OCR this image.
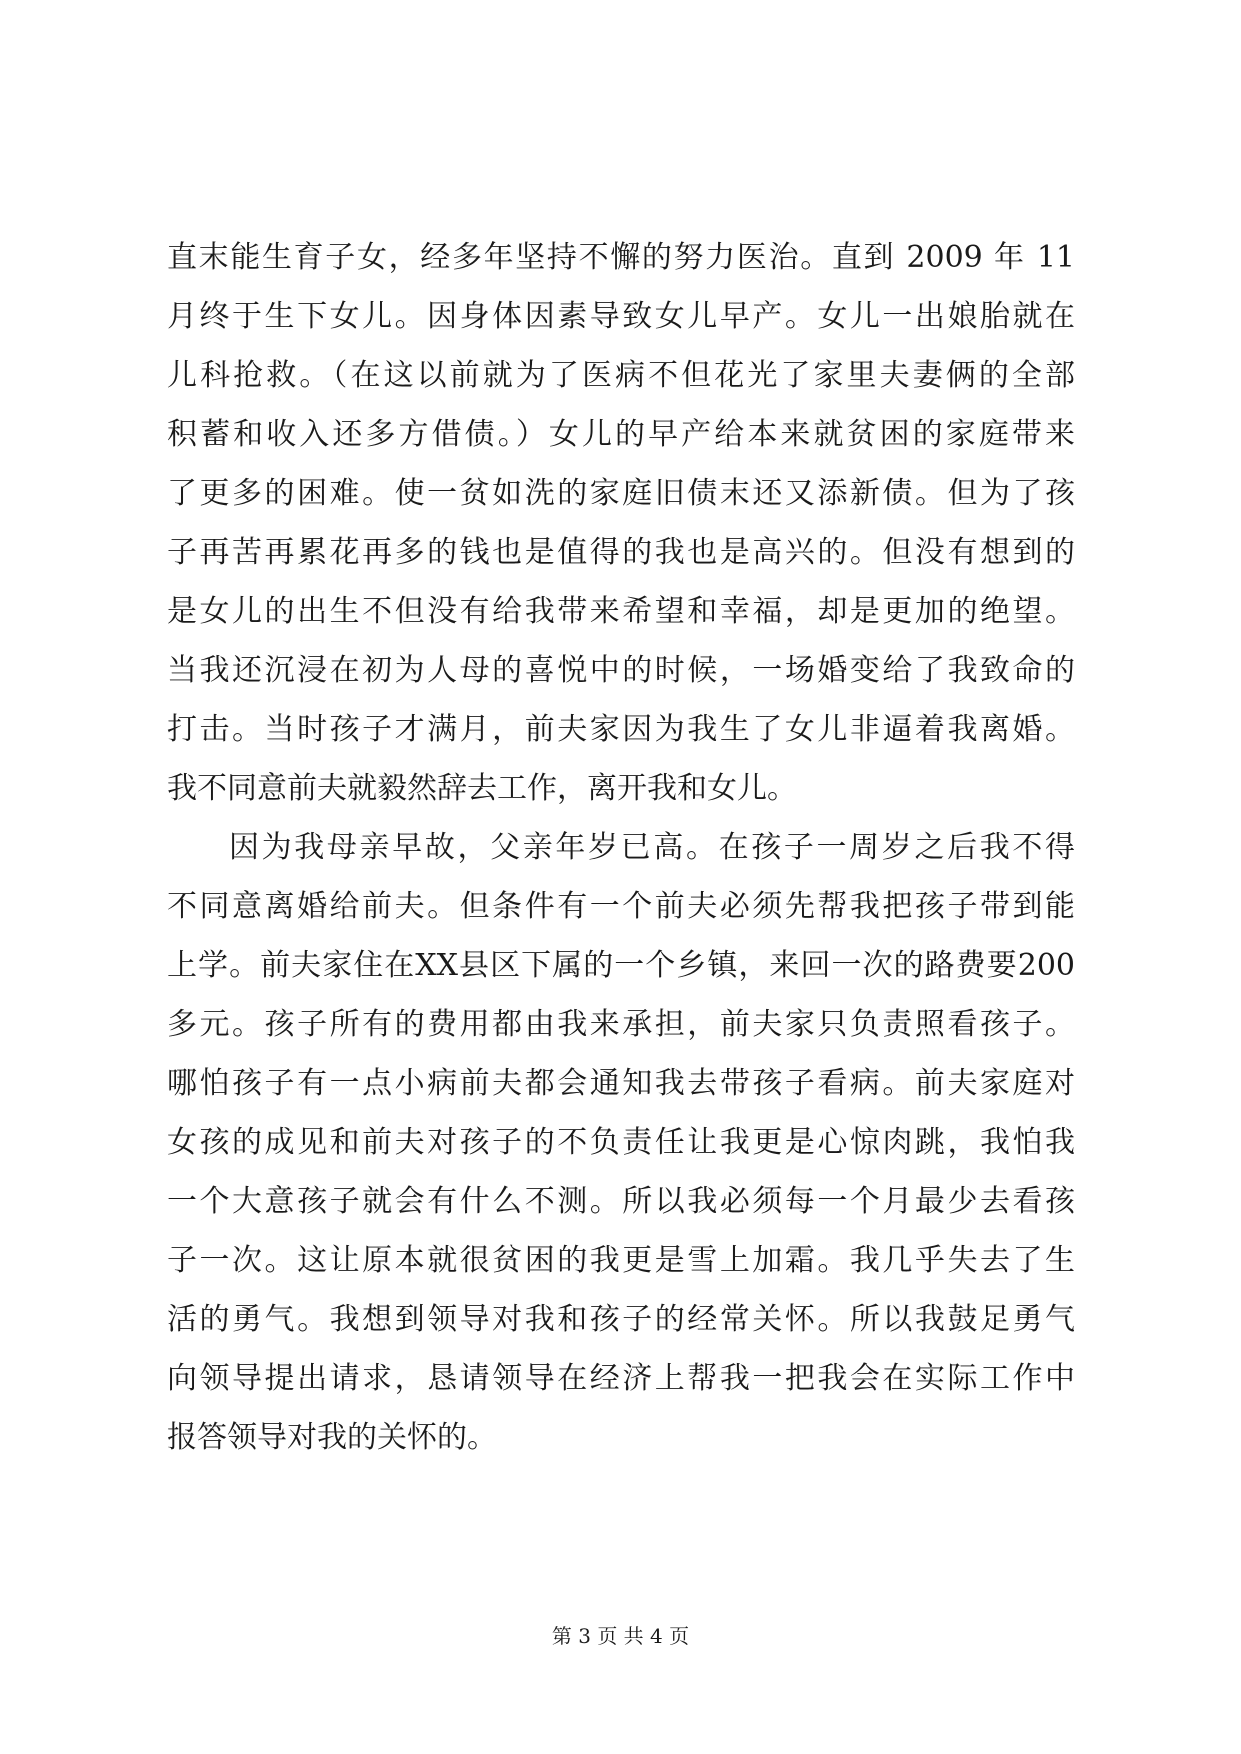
直末能生育子女，经多年坚持不懈的努力医治。直到 2009 年 11
月终于生下女儿。因身体因素导致女儿早产。女儿一出娘胎就在
儿科抢救。（在这以前就为了医病不但花光了家里夫妻俩的全部
积蓄和收入还多方借债。）女儿的早产给本来就贫困的家庭带来
了更多的困难。使一贫如洗的家庭旧债末还又添新债。但为了孩
子再苦再累花再多的钱也是值得的我也是高兴的。但没有想到的
是女儿的出生不但没有给我带来希望和幸福，却是更加的绝望。
当我还沉浸在初为人母的喜悦中的时候，一场婚变给了我致命的
打击。当时孩子才满月，前夫家因为我生了女儿非逼着我离婚。
我不同意前夫就毅然辞去工作，离开我和女儿。
因为我母亲早故，父亲年岁已高。在孩子一周岁之后我不得
不同意离婚给前夫。但条件有一个前夫必须先帮我把孩子带到能
上学。前夫家住在XX县区下属的一个乡镇，来回一次的路费要200
多元。孩子所有的费用都由我来承担，前夫家只负责照看孩子。
哪怕孩子有一点小病前夫都会通知我去带孩子看病。前夫家庭对
女孩的成见和前夫对孩子的不负责任让我更是心惊肉跳，我怕我
一个大意孩子就会有什么不测。所以我必须每一个月最少去看孩
子一次。这让原本就很贫困的我更是雪上加霜。我几乎失去了生
活的勇气。我想到领导对我和孩子的经常关怀。所以我鼓足勇气
向领导提出请求，恳请领导在经济上帮我一把我会在实际工作中
报答领导对我的关怀的。
第 3 页 共 4 页
